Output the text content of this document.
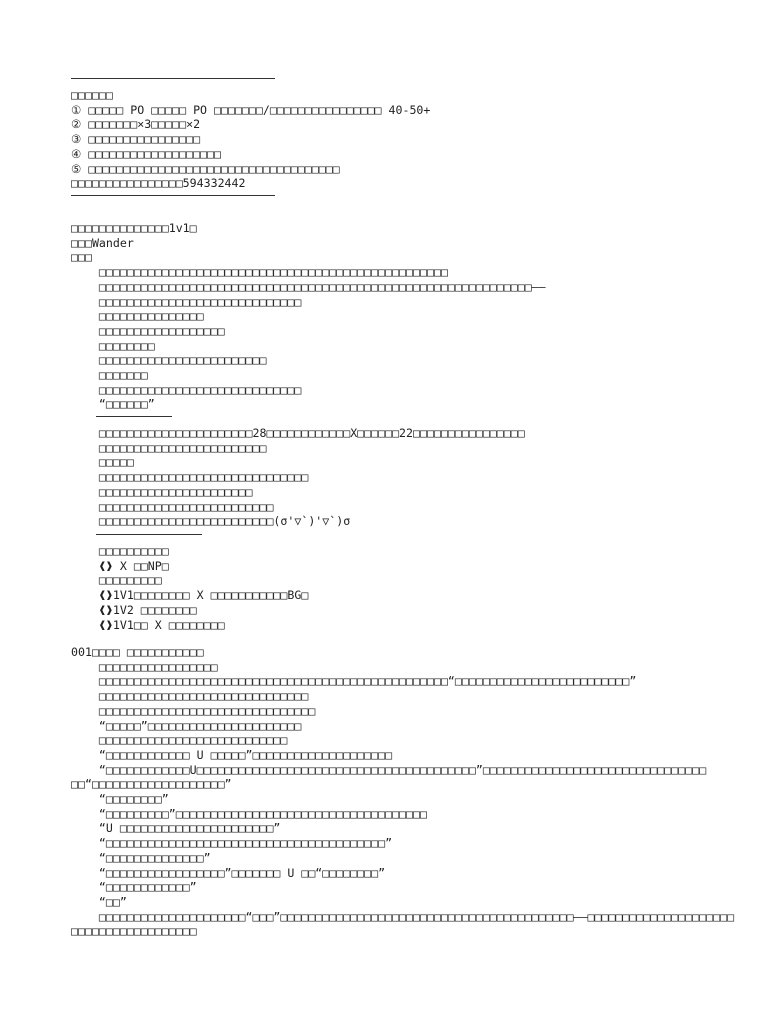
□□□□□□
① □□□□□ PO □□□□□ PO □□□□□□□/□□□□□□□□□□□□□□□□ 40-50+
② □□□□□□□×3□□□□□×2
③ □□□□□□□□□□□□□□□□
④ □□□□□□□□□□□□□□□□□□□
⑤ □□□□□□□□□□□□□□□□□□□□□□□□□□□□□□□□□□□□
□□□□□□□□□□□□□□□□594332442
□□□□□□□□□□□□□□1v1□
□□□Wander
□□□
□□□□□□□□□□□□□□□□□□□□□□□□□□□□□□□□□□□□□□□□□□□□□□□□□□
□□□□□□□□□□□□□□□□□□□□□□□□□□□□□□□□□□□□□□□□□□□□□□□□□□□□□□□□□□□□□□——
□□□□□□□□□□□□□□□□□□□□□□□□□□□□□
□□□□□□□□□□□□□□□
□□□□□□□□□□□□□□□□□□
□□□□□□□□
□□□□□□□□□□□□□□□□□□□□□□□□
□□□□□□□
□□□□□□□□□□□□□□□□□□□□□□□□□□□□□
“□□□□□□”
□□□□□□□□□□□□□□□□□□□□□□28□□□□□□□□□□□□X□□□□□□22□□□□□□□□□□□□□□□□
□□□□□□□□□□□□□□□□□□□□□□□□
□□□□□
□□□□□□□□□□□□□□□□□□□□□□□□□□□□□□
□□□□□□□□□□□□□□□□□□□□□□
□□□□□□□□□□□□□□□□□□□□□□□□□
□□□□□□□□□□□□□□□□□□□□□□□□□(σ'▽`)'▽`)σ
□□□□□□□□□□
❰❱ X □□NP□
□□□□□□□□□
❰❱1V1□□□□□□□□ X □□□□□□□□□□□BG□
❰❱1V2 □□□□□□□□
❰❱1V1□□ X □□□□□□□□
001□□□□ □□□□□□□□□□□
□□□□□□□□□□□□□□□□□
□□□□□□□□□□□□□□□□□□□□□□□□□□□□□□□□□□□□□□□□□□□□□□□□□□“□□□□□□□□□□□□□□□□□□□□□□□□□”
□□□□□□□□□□□□□□□□□□□□□□□□□□□□□□
□□□□□□□□□□□□□□□□□□□□□□□□□□□□□□□
“□□□□□”□□□□□□□□□□□□□□□□□□□□□□
□□□□□□□□□□□□□□□□□□□□□□□□□□□
“□□□□□□□□□□□□ U □□□□□”□□□□□□□□□□□□□□□□□□□□
“□□□□□□□□□□□□U□□□□□□□□□□□□□□□□□□□□□□□□□□□□□□□□□□□□□□□□”□□□□□□□□□□□□□□□□□□□□□□□□□□□□□□□□
□□“□□□□□□□□□□□□□□□□□□□”
“□□□□□□□□”
“□□□□□□□□□”□□□□□□□□□□□□□□□□□□□□□□□□□□□□□□□□□□□□
“U □□□□□□□□□□□□□□□□□□□□□□”
“□□□□□□□□□□□□□□□□□□□□□□□□□□□□□□□□□□□□□□□□”
“□□□□□□□□□□□□□□”
“□□□□□□□□□□□□□□□□□”□□□□□□□ U □□“□□□□□□□□”
“□□□□□□□□□□□□”
“□□”
□□□□□□□□□□□□□□□□□□□□□“□□□”□□□□□□□□□□□□□□□□□□□□□□□□□□□□□□□□□□□□□□□□□□——□□□□□□□□□□□□□□□□□□□□□
□□□□□□□□□□□□□□□□□□
